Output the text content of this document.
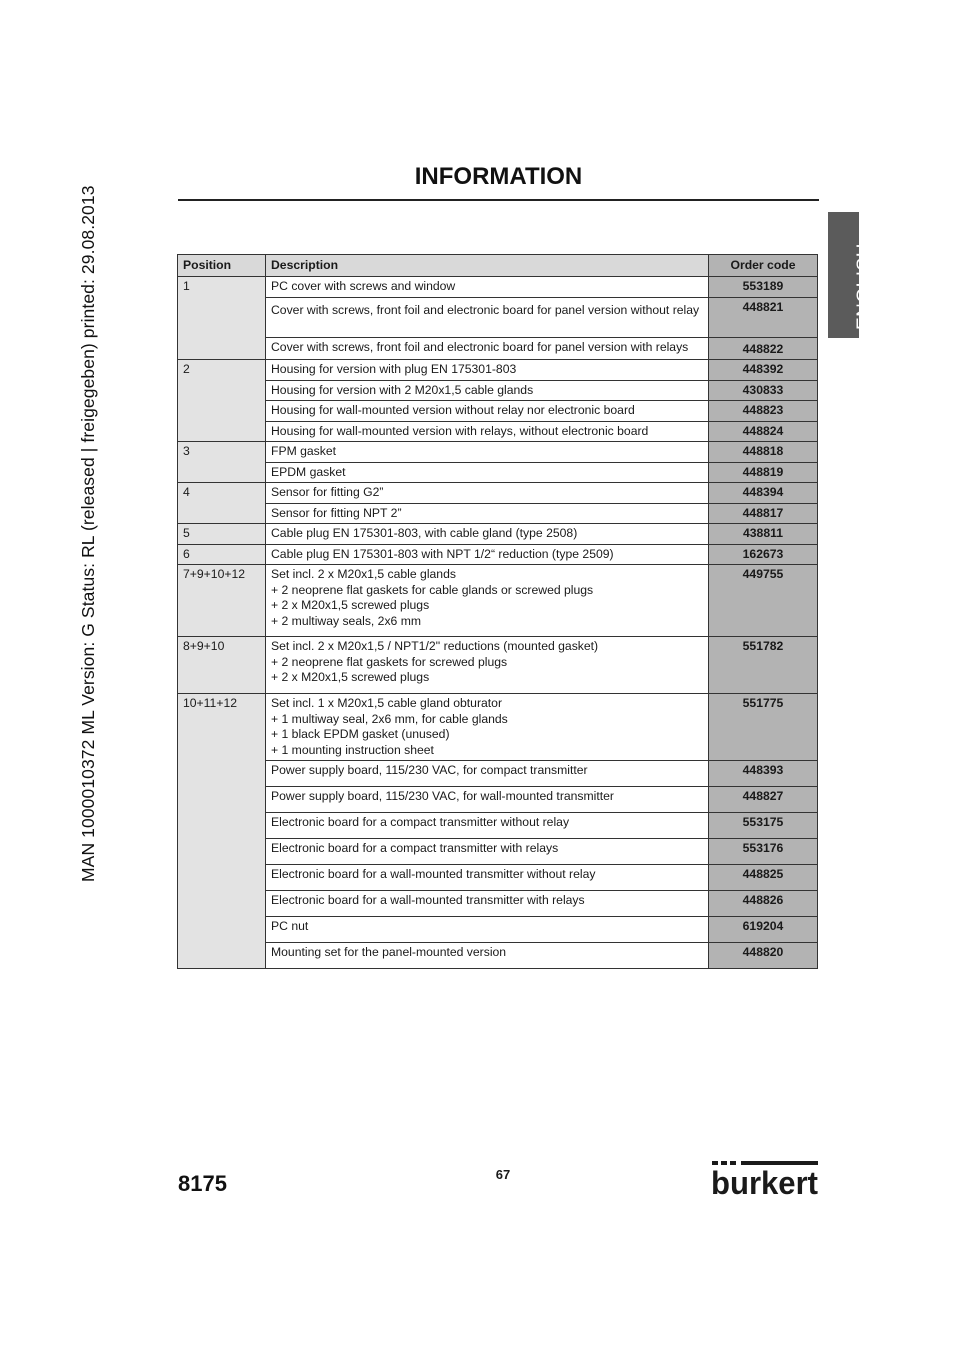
MAN 1000010372 ML Version: G Status: RL (released | freigegeben) printed: 29.08.2013
INFORMATION
ENGLISH
Position	Description	Order code
1	PC cover with screws and window	553189
	Cover with screws, front foil and electronic board for panel version without relay	448821
	Cover with screws, front foil and electronic board for panel version with relays	448822
2	Housing for version with plug EN 175301-803	448392
	Housing for version with 2 M20x1,5 cable glands	430833
	Housing for wall-mounted version without relay nor electronic board	448823
	Housing for wall-mounted version with relays, without electronic board	448824
3	FPM gasket	448818
	EPDM gasket	448819
4	Sensor for fitting G2”	448394
	Sensor for fitting NPT 2”	448817
5	Cable plug EN 175301-803, with cable gland (type 2508)	438811
6	Cable plug EN 175301-803 with NPT 1/2“ reduction (type 2509)	162673
7+9+10+12	Set incl. 2 x M20x1,5 cable glands
+ 2 neoprene flat gaskets for cable glands or screwed plugs
+ 2 x M20x1,5 screwed plugs
+ 2 multiway seals, 2x6 mm	449755
8+9+10	Set incl. 2 x M20x1,5 / NPT1/2'' reductions (mounted gasket)
+ 2 neoprene flat gaskets for screwed plugs
+ 2 x M20x1,5 screwed plugs	551782
10+11+12	Set incl. 1 x M20x1,5 cable gland obturator
+ 1 multiway seal, 2x6 mm, for cable glands
+ 1 black EPDM gasket (unused)
+ 1 mounting instruction sheet	551775
	Power supply board, 115/230 VAC, for compact transmitter	448393
	Power supply board, 115/230 VAC, for wall-mounted transmitter	448827
	Electronic board for a compact transmitter without relay	553175
	Electronic board for a compact transmitter with relays	553176
	Electronic board for a wall-mounted transmitter without relay	448825
	Electronic board for a wall-mounted transmitter with relays	448826
	PC nut	619204
	Mounting set for the panel-mounted version	448820
8175	67	burkert
